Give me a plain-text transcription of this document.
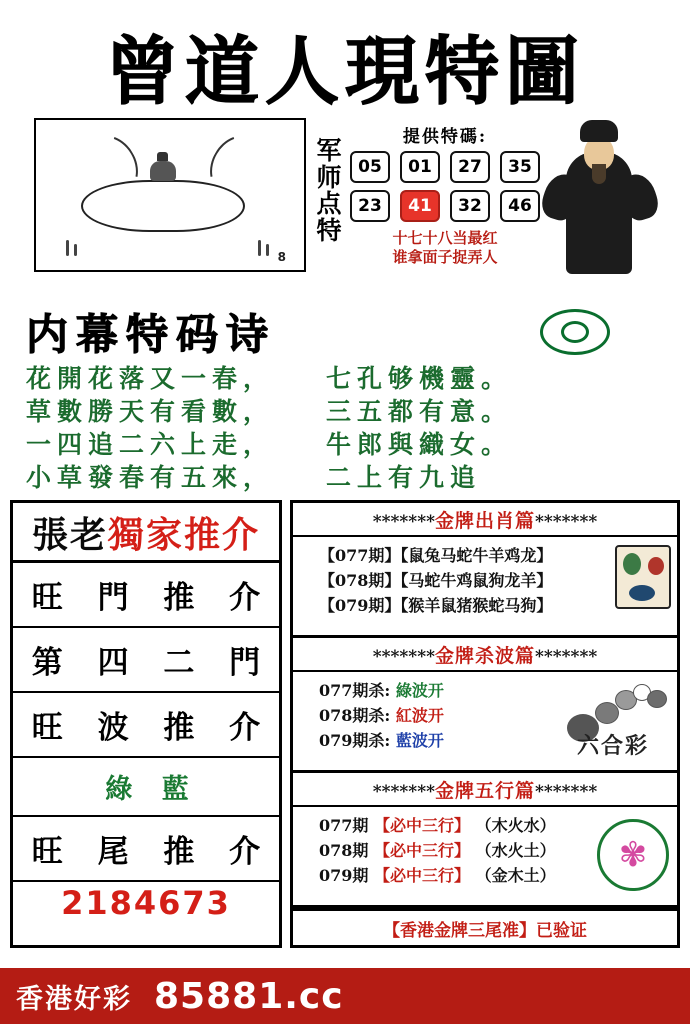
曾道人現特圖
8
军师点特
提供特碼:
05	01	27	35
23	41	32	46
十七十八当最红
谁拿面子捉弄人
内幕特码诗
花開花落又一春，	七孔够機靈。
草數勝天有看數，	三五都有意。
一四追二六上走，	牛郎與織女。
小草發春有五來，	二上有九追
張老獨家推介
旺 門 推 介
第 四 二 門
旺 波 推 介
綠 藍
旺 尾 推 介
2184673
*******金牌出肖篇*******
【077期】【鼠兔马蛇牛羊鸡龙】
【078期】【马蛇牛鸡鼠狗龙羊】
【079期】【猴羊鼠猪猴蛇马狗】
*******金牌杀波篇*******
六合彩
077期杀: 綠波开
078期杀: 紅波开
079期杀: 藍波开
*******金牌五行篇*******
✾
077期 【必中三行】 （木火水）
078期 【必中三行】 （水火土）
079期 【必中三行】 （金木土）
【香港金牌三尾准】已验证
香港好彩 85881.cc
